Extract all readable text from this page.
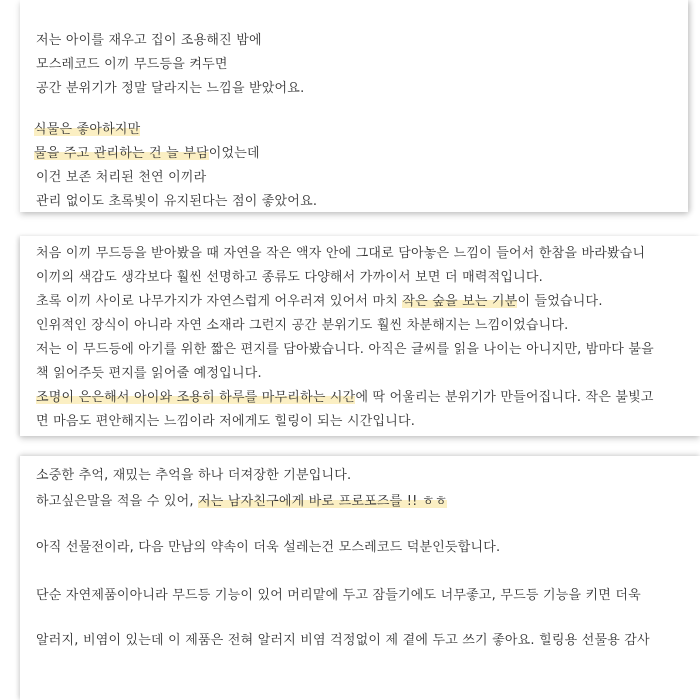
저는 아이를 재우고 집이 조용해진 밤에
모스레코드 이끼 무드등을 켜두면
공간 분위기가 정말 달라지는 느낌을 받았어요.
식물은 좋아하지만
물을 주고 관리하는 건 늘 부담이었는데
이건 보존 처리된 천연 이끼라
관리 없이도 초록빛이 유지된다는 점이 좋았어요.
처음 이끼 무드등을 받아봤을 때 자연을 작은 액자 안에 그대로 담아놓은 느낌이 들어서 한참을 바라봤습니
이끼의 색감도 생각보다 훨씬 선명하고 종류도 다양해서 가까이서 보면 더 매력적입니다.
초록 이끼 사이로 나무가지가 자연스럽게 어우러져 있어서 마치 작은 숲을 보는 기분이 들었습니다.
인위적인 장식이 아니라 자연 소재라 그런지 공간 분위기도 훨씬 차분해지는 느낌이었습니다.
저는 이 무드등에 아기를 위한 짧은 편지를 담아봤습니다. 아직은 글씨를 읽을 나이는 아니지만, 밤마다 불을
책 읽어주듯 편지를 읽어줄 예정입니다.
조명이 은은해서 아이와 조용히 하루를 마무리하는 시간에 딱 어울리는 분위기가 만들어집니다. 작은 불빛고
면 마음도 편안해지는 느낌이라 저에게도 힐링이 되는 시간입니다.
소중한 추억, 재밌는 추억을 하나 더져장한 기분입니다.
하고싶은말을 적을 수 있어, 저는 남자친구에게 바로 프로포즈를 !! ㅎㅎ
아직 선물전이라, 다음 만남의 약속이 더욱 설레는건 모스레코드 덕분인듯합니다.
단순 자연제품이아니라 무드등 기능이 있어 머리맡에 두고 잠들기에도 너무좋고, 무드등 기능을 키면 더욱
알러지, 비염이 있는데 이 제품은 전혀 알러지 비염 걱정없이 제 곁에 두고 쓰기 좋아요. 힐링용 선물용 감사
